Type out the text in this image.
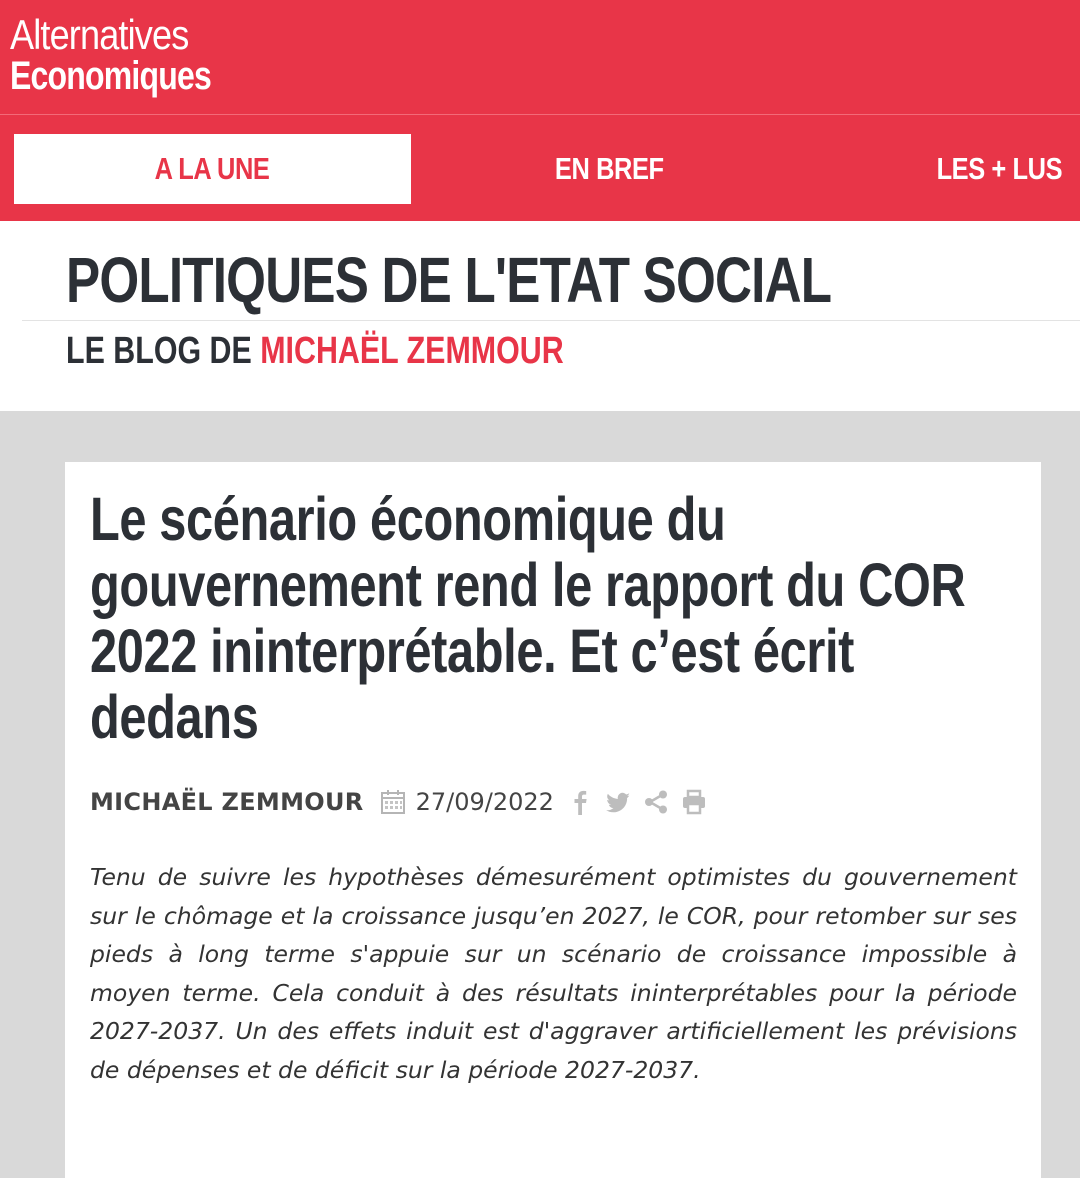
Alternatives
Economiques
A LA UNE	EN BREF	LES + LUS
POLITIQUES DE L'ETAT SOCIAL
LE BLOG DE MICHAËL ZEMMOUR
Le scénario économique du
gouvernement rend le rapport du COR
2022 ininterprétable. Et c’est écrit
dedans
MICHAËL ZEMMOUR 27/09/2022

Tenu de suivre les hypothèses démesurément optimistes du gouvernement sur le chômage et la croissance jusqu’en 2027, le COR, pour retomber sur ses pieds à long terme s'appuie sur un scénario de croissance impossible à moyen terme. Cela conduit à des résultats ininterprétables pour la période 2027-2037. Un des effets induit est d'aggraver artificiellement les prévisions de dépenses et de déficit sur la période 2027-2037.
